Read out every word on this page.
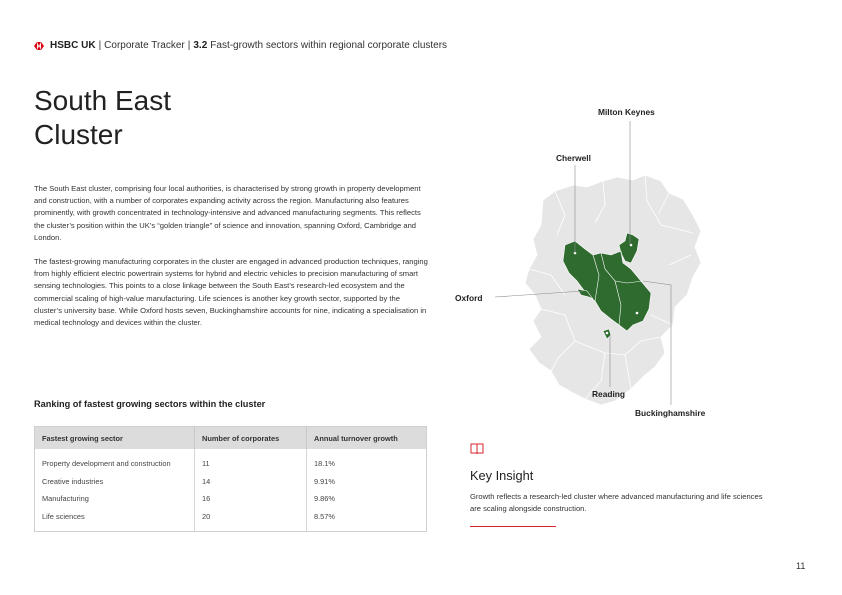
HSBC UK | Corporate Tracker | 3.2 Fast-growth sectors within regional corporate clusters
South East
Cluster

The South East cluster, comprising four local authorities, is characterised by strong growth in property development and construction, with a number of corporates expanding activity across the region. Manufacturing also features prominently, with growth concentrated in technology-intensive and advanced manufacturing segments. This reflects the cluster’s position within the UK’s “golden triangle” of science and innovation, spanning Oxford, Cambridge and London.

The fastest-growing manufacturing corporates in the cluster are engaged in advanced production techniques, ranging from highly efficient electric powertrain systems for hybrid and electric vehicles to precision manufacturing of smart sensing technologies. This points to a close linkage between the South East’s research-led ecosystem and the commercial scaling of high-value manufacturing. Life sciences is another key growth sector, supported by the cluster’s university base. While Oxford hosts seven, Buckinghamshire accounts for nine, indicating a specialisation in medical technology and devices within the cluster.

Ranking of fastest growing sectors within the cluster
Fastest growing sector	Number of corporates	Annual turnover growth
Property development and construction	11	18.1%
Creative industries	14	9.91%
Manufacturing	16	9.86%
Life sciences	20	8.57%
Milton Keynes
Cherwell
Oxford
Reading
Buckinghamshire
Key Insight
Growth reflects a research-led cluster where advanced manufacturing and life sciences are scaling alongside construction.
11
